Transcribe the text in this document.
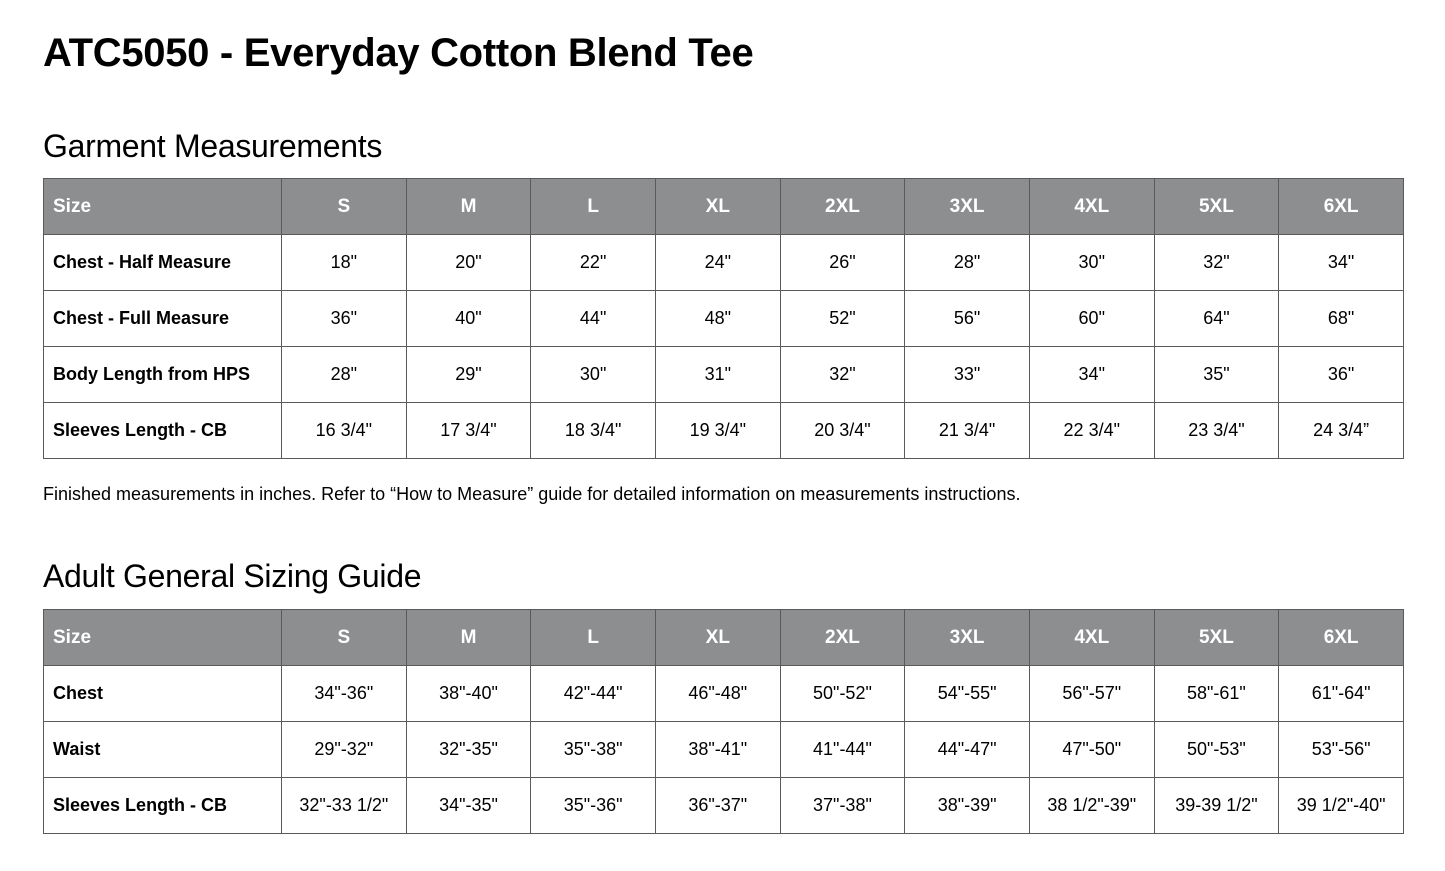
ATC5050 - Everyday Cotton Blend Tee
Garment Measurements
Size	S	M	L	XL	2XL	3XL	4XL	5XL	6XL
Chest - Half Measure	18"	20"	22"	24"	26"	28"	30"	32"	34"
Chest - Full Measure	36"	40"	44"	48"	52"	56"	60"	64"	68"
Body Length from HPS	28"	29"	30"	31"	32"	33"	34"	35"	36"
Sleeves Length - CB	16 3/4"	17 3/4"	18 3/4"	19 3/4"	20 3/4"	21 3/4"	22 3/4"	23 3/4"	24 3/4”

Finished measurements in inches. Refer to “How to Measure” guide for detailed information on measurements instructions.

Adult General Sizing Guide
Size	S	M	L	XL	2XL	3XL	4XL	5XL	6XL
Chest	34"-36"	38"-40"	42"-44"	46"-48"	50"-52"	54"-55"	56"-57"	58"-61"	61"-64"
Waist	29"-32"	32"-35"	35"-38"	38"-41"	41"-44"	44"-47"	47"-50"	50"-53"	53"-56"
Sleeves Length - CB	32"-33 1/2"	34"-35"	35"-36"	36"-37"	37"-38"	38"-39"	38 1/2"-39"	39-39 1/2"	39 1/2"-40"
